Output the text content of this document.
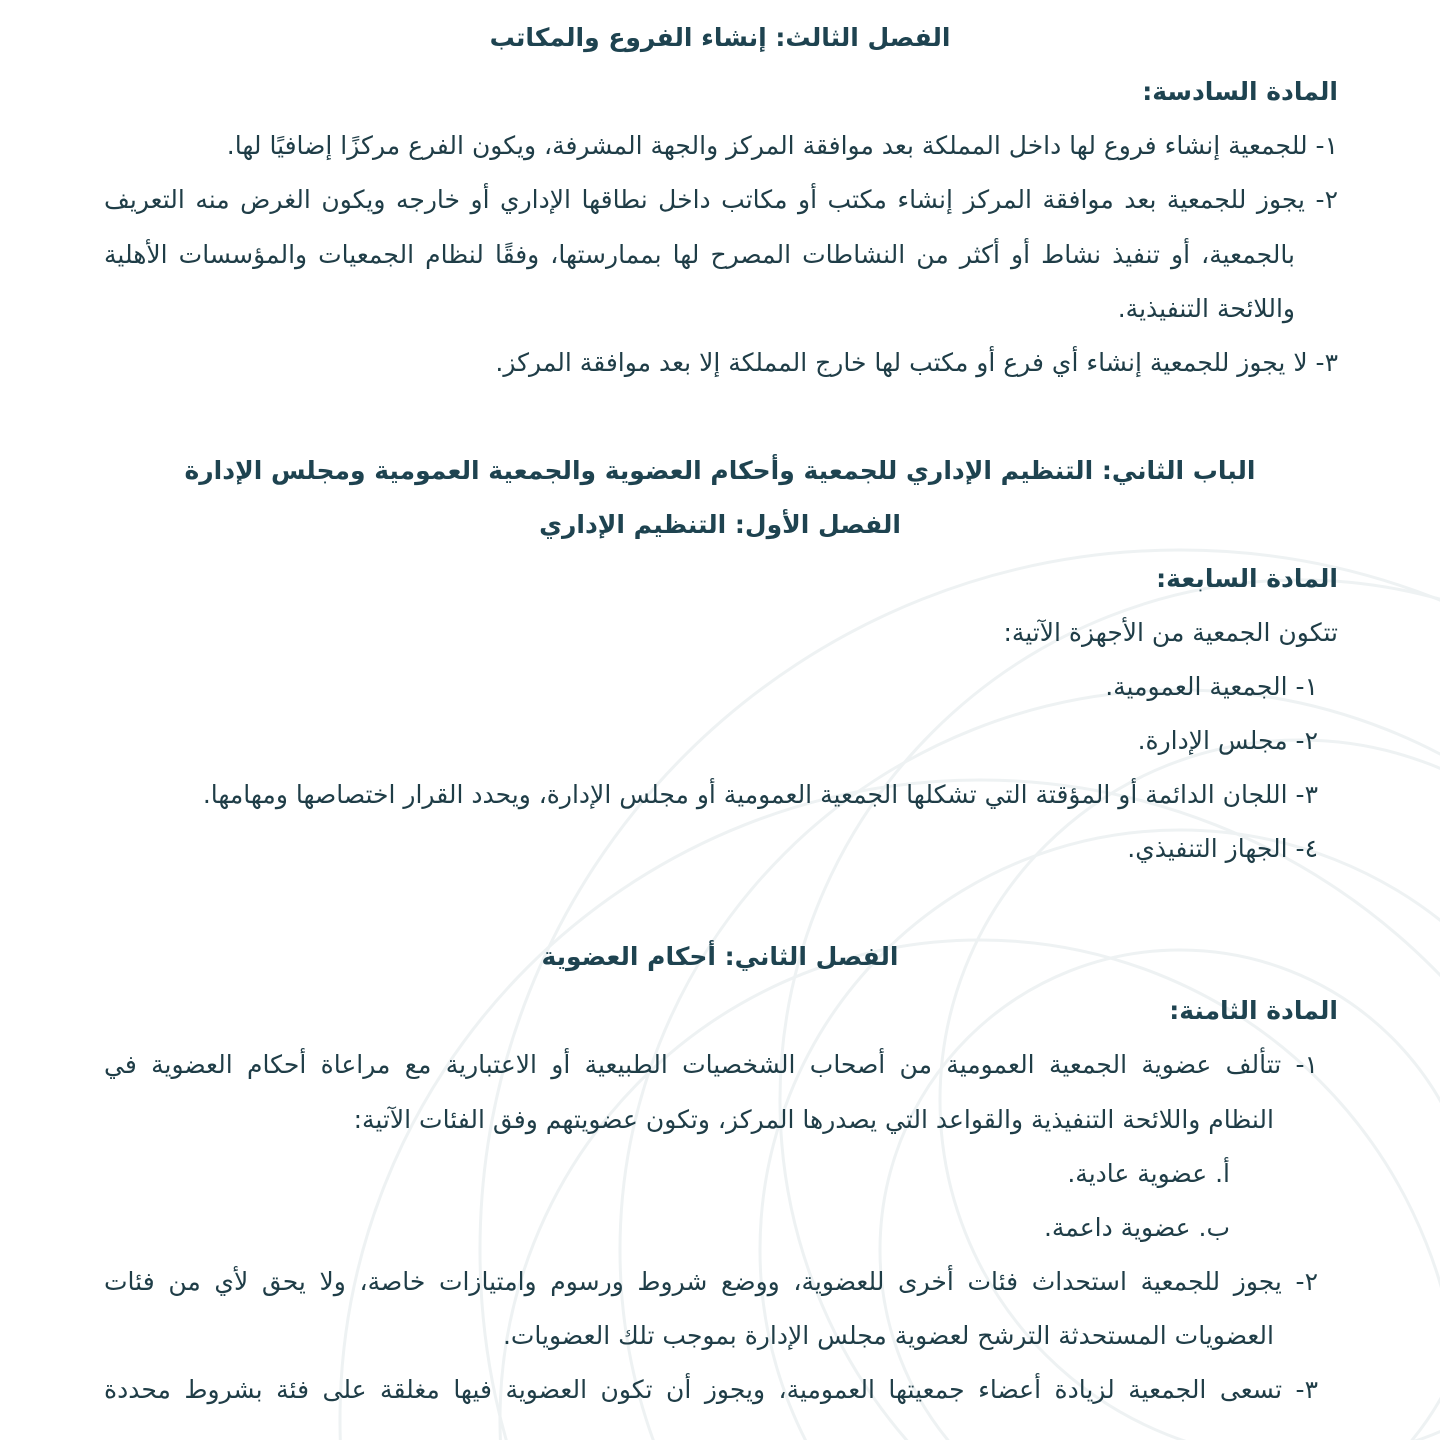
الفصل الثالث: إنشاء الفروع والمكاتب
المادة السادسة:
١- للجمعية إنشاء فروع لها داخل المملكة بعد موافقة المركز والجهة المشرفة، ويكون الفرع مركزًا إضافيًا لها.
٢- يجوز للجمعية بعد موافقة المركز إنشاء مكتب أو مكاتب داخل نطاقها الإداري أو خارجه ويكون الغرض منه التعريف
بالجمعية، أو تنفيذ نشاط أو أكثر من النشاطات المصرح لها بممارستها، وفقًا لنظام الجمعيات والمؤسسات الأهلية
واللائحة التنفيذية.
٣- لا يجوز للجمعية إنشاء أي فرع أو مكتب لها خارج المملكة إلا بعد موافقة المركز.
الباب الثاني: التنظيم الإداري للجمعية وأحكام العضوية والجمعية العمومية ومجلس الإدارة
الفصل الأول: التنظيم الإداري
المادة السابعة:
تتكون الجمعية من الأجهزة الآتية:
١- الجمعية العمومية.
٢- مجلس الإدارة.
٣- اللجان الدائمة أو المؤقتة التي تشكلها الجمعية العمومية أو مجلس الإدارة، ويحدد القرار اختصاصها ومهامها.
٤- الجهاز التنفيذي.
الفصل الثاني: أحكام العضوية
المادة الثامنة:
١- تتألف عضوية الجمعية العمومية من أصحاب الشخصيات الطبيعية أو الاعتبارية مع مراعاة أحكام العضوية في
النظام واللائحة التنفيذية والقواعد التي يصدرها المركز، وتكون عضويتهم وفق الفئات الآتية:
أ. عضوية عادية.
ب. عضوية داعمة.
٢- يجوز للجمعية استحداث فئات أخرى للعضوية، ووضع شروط ورسوم وامتيازات خاصة، ولا يحق لأي من فئات
العضويات المستحدثة الترشح لعضوية مجلس الإدارة بموجب تلك العضويات.
٣- تسعى الجمعية لزيادة أعضاء جمعيتها العمومية، ويجوز أن تكون العضوية فيها مغلقة على فئة بشروط محددة
